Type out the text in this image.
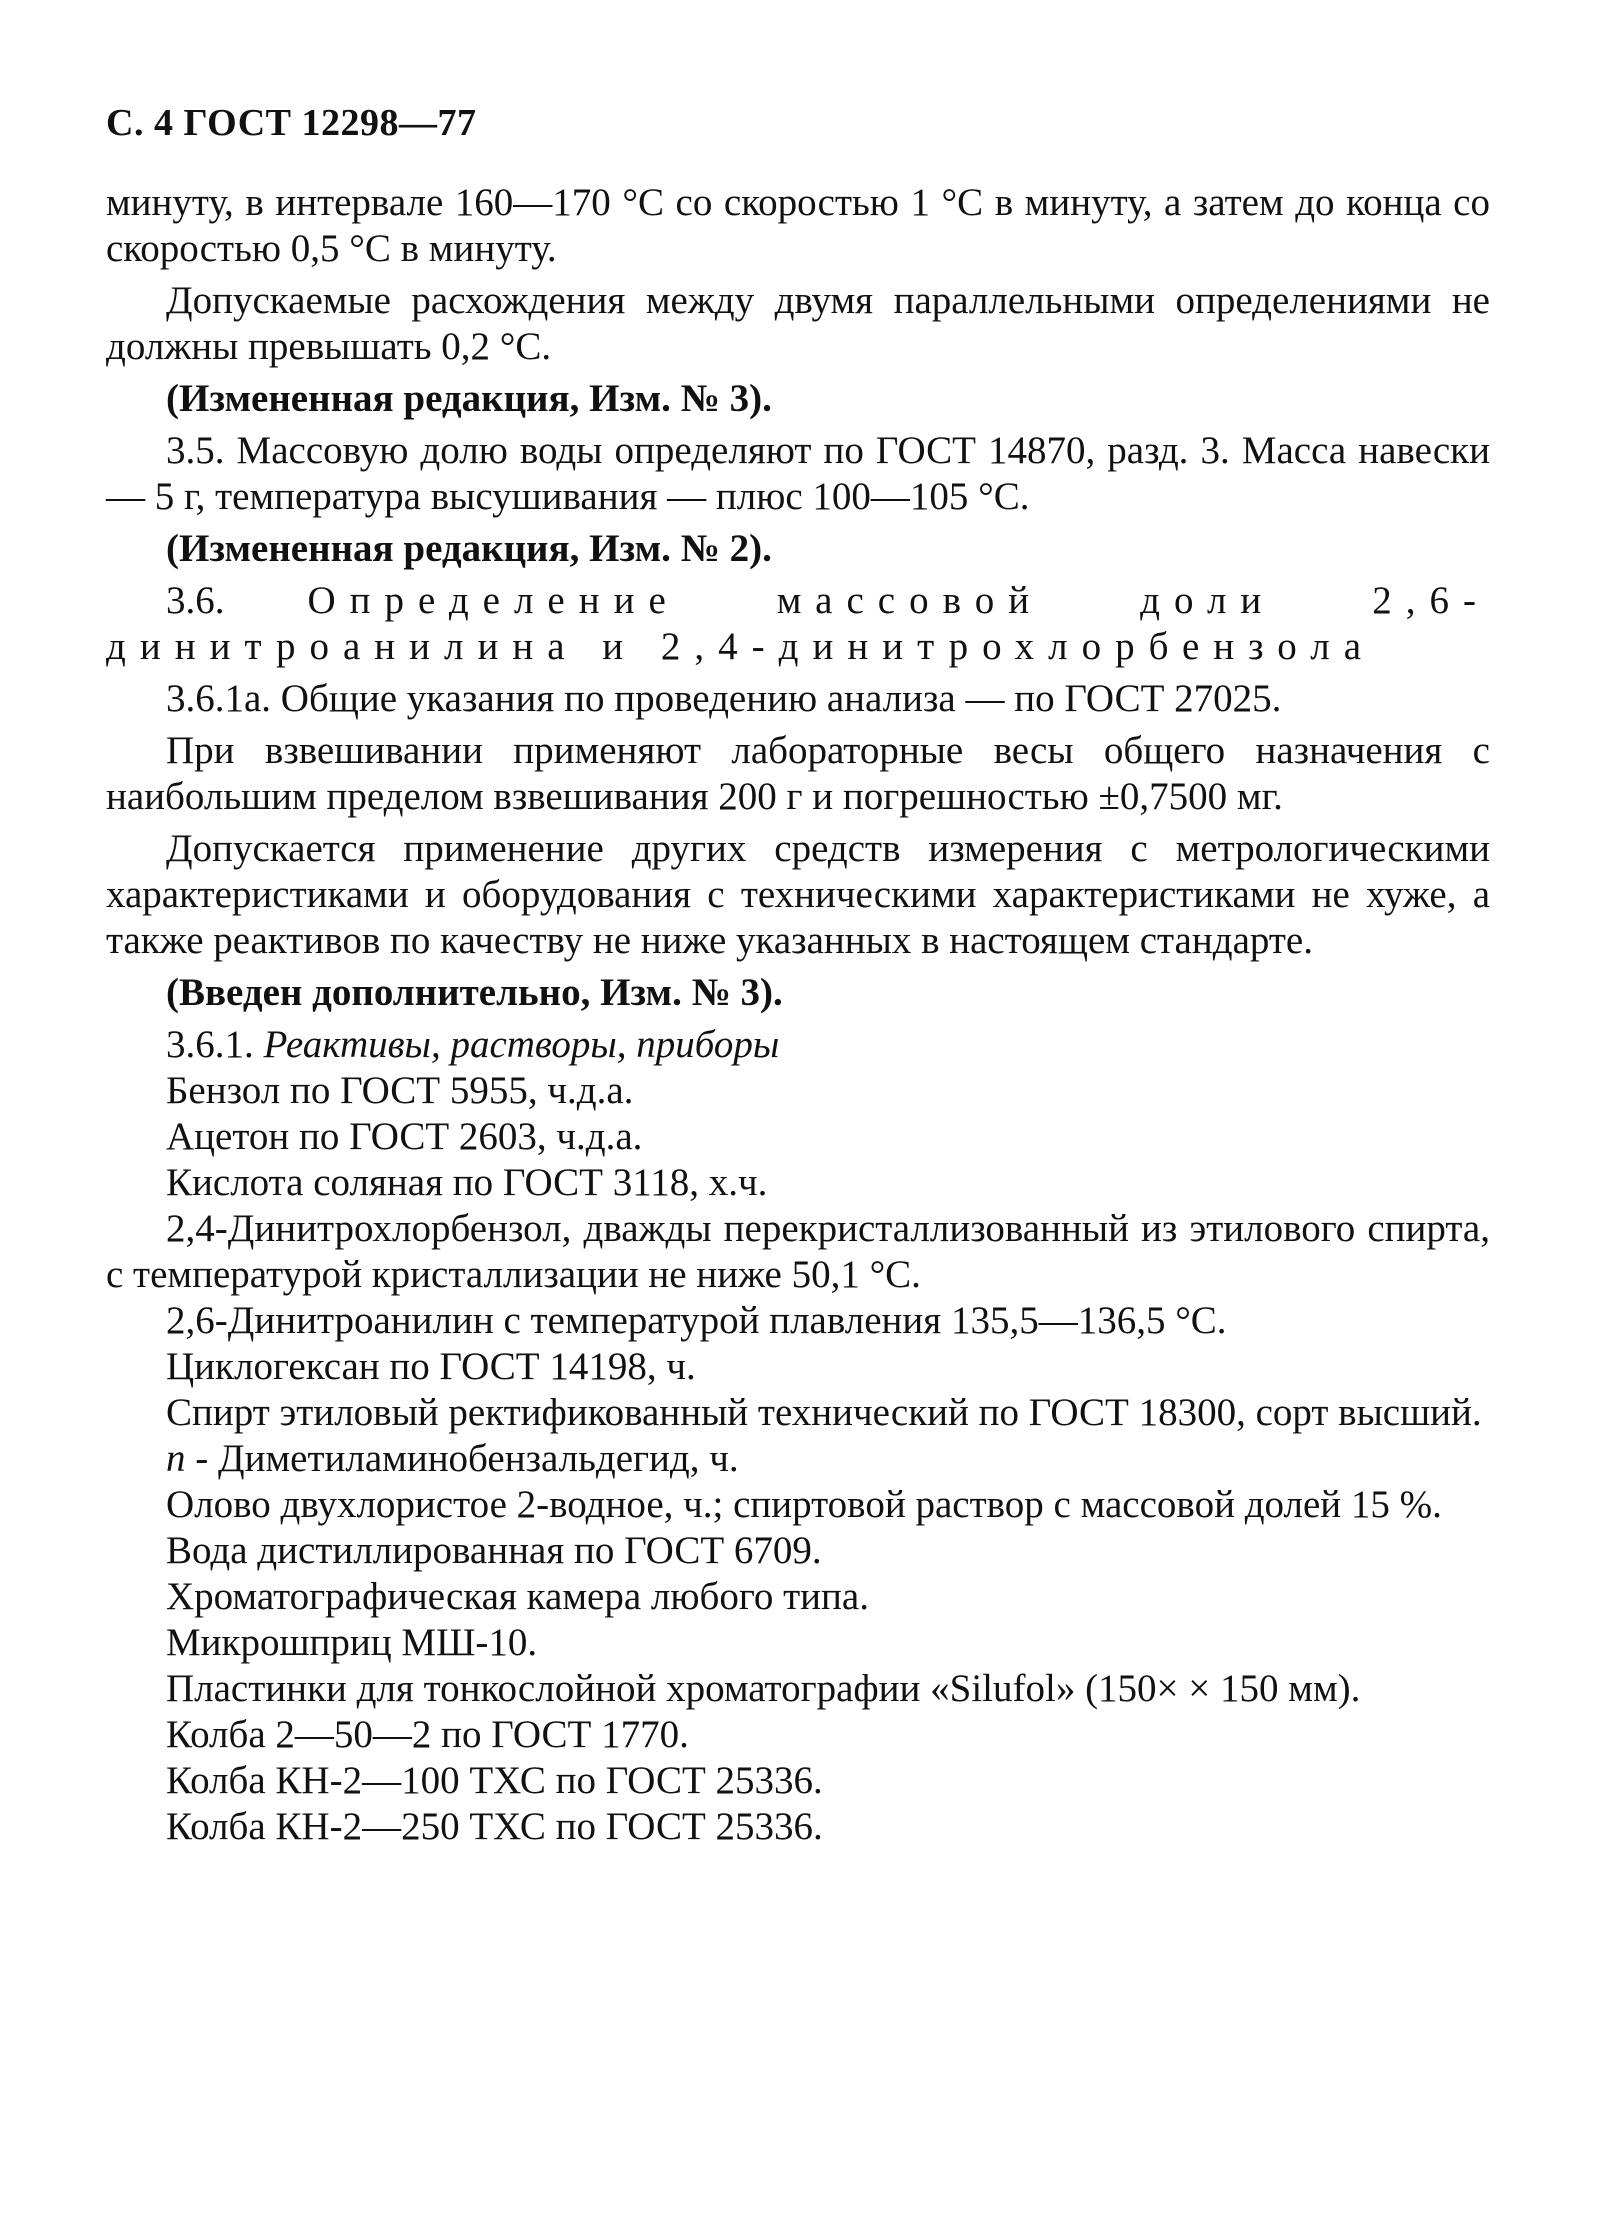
С. 4 ГОСТ 12298—77

минуту, в интервале 160—170 °С со скоростью 1 °С в минуту, а затем до конца со скоростью 0,5 °С в минуту.

Допускаемые расхождения между двумя параллельными определениями не должны превышать 0,2 °С.

(Измененная редакция, Изм. № 3).

3.5. Массовую долю воды определяют по ГОСТ 14870, разд. 3. Масса навески — 5 г, температура высушивания — плюс 100—105 °С.

(Измененная редакция, Изм. № 2).

3.6. Определение массовой доли 2,6-динитроанилина и 2,4-динитрохлорбензола

3.6.1а. Общие указания по проведению анализа — по ГОСТ 27025.

При взвешивании применяют лабораторные весы общего назначения с наибольшим пределом взвешивания 200 г и погрешностью ±0,7500 мг.

Допускается применение других средств измерения с метрологическими характеристиками и оборудования с техническими характеристиками не хуже, а также реактивов по качеству не ниже указанных в настоящем стандарте.

(Введен дополнительно, Изм. № 3).

3.6.1. Реактивы, растворы, приборы

Бензол по ГОСТ 5955, ч.д.а.

Ацетон по ГОСТ 2603, ч.д.а.

Кислота соляная по ГОСТ 3118, х.ч.

2,4-Динитрохлорбензол, дважды перекристаллизованный из этилового спирта, с температурой кристаллизации не ниже 50,1 °С.

2,6-Динитроанилин с температурой плавления 135,5—136,5 °С.

Циклогексан по ГОСТ 14198, ч.

Спирт этиловый ректификованный технический по ГОСТ 18300, сорт высший.

n - Диметиламинобензальдегид, ч.

Олово двухлористое 2-водное, ч.; спиртовой раствор с массовой долей 15 %.

Вода дистиллированная по ГОСТ 6709.

Хроматографическая камера любого типа.

Микрошприц МШ-10.

Пластинки для тонкослойной хроматографии «Silufol» (150× × 150 мм).

Колба 2—50—2 по ГОСТ 1770.

Колба КН-2—100 ТХС по ГОСТ 25336.

Колба КН-2—250 ТХС по ГОСТ 25336.
